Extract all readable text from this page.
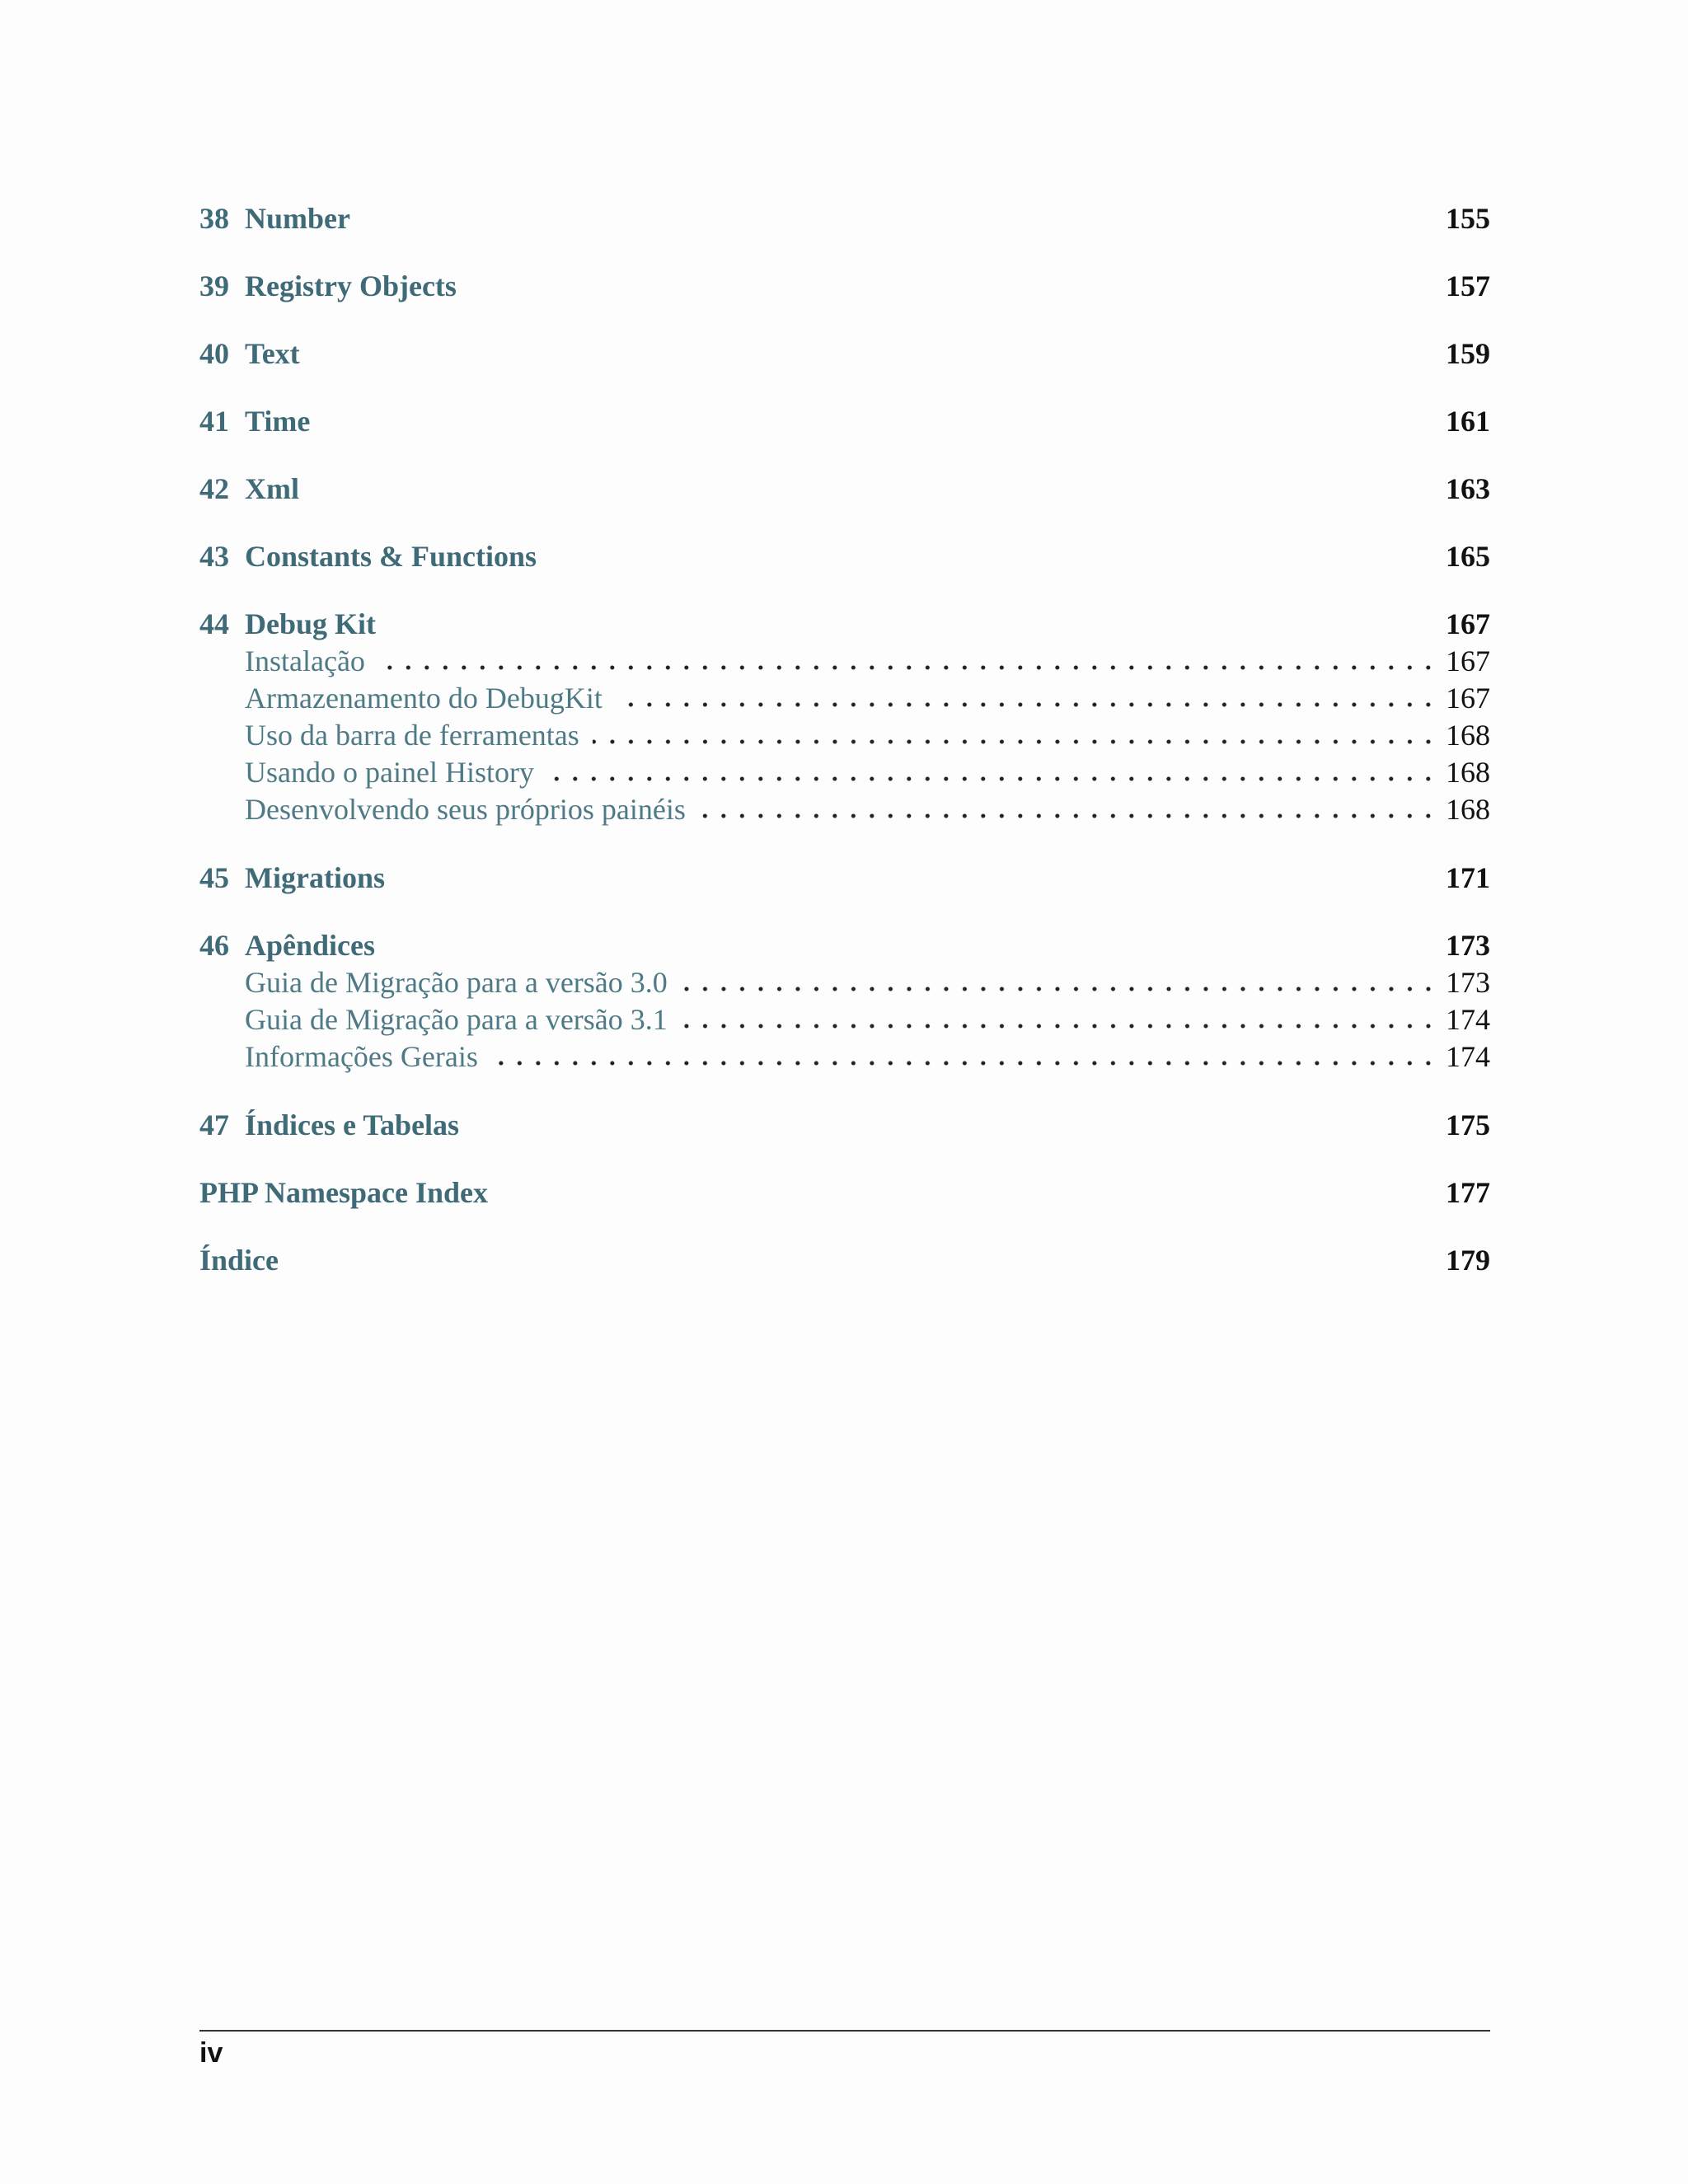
38 Number	155
39 Registry Objects	157
40 Text	159
41 Time	161
42 Xml	163
43 Constants & Functions	165
44 Debug Kit	167
Instalação	167
Armazenamento do DebugKit	167
Uso da barra de ferramentas	168
Usando o painel History	168
Desenvolvendo seus próprios painéis	168
45 Migrations	171
46 Apêndices	173
Guia de Migração para a versão 3.0	173
Guia de Migração para a versão 3.1	174
Informações Gerais	174
47 Índices e Tabelas	175
PHP Namespace Index	177
Índice	179
iv
